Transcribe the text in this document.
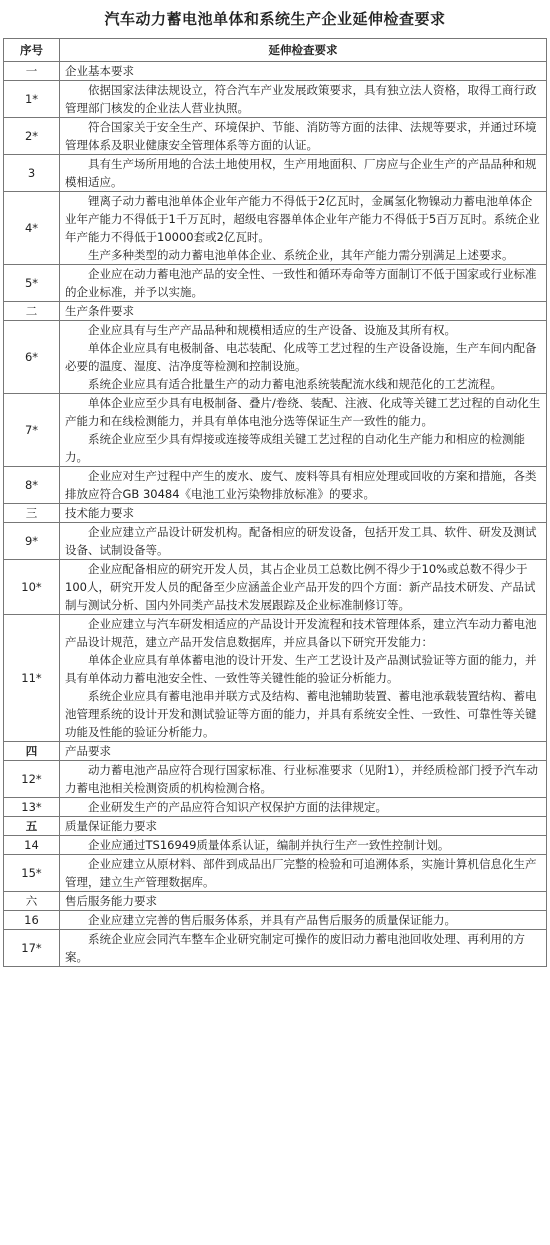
汽车动力蓄电池单体和系统生产企业延伸检查要求
序号	延伸检查要求
一	企业基本要求
1*	依据国家法律法规设立，符合汽车产业发展政策要求，具有独立法人资格，取得工商行政管理部门核发的企业法人营业执照。

2*	符合国家关于安全生产、环境保护、节能、消防等方面的法律、法规等要求，并通过环境管理体系及职业健康安全管理体系等方面的认证。

3	具有生产场所用地的合法土地使用权，生产用地面积、厂房应与企业生产的产品品种和规模相适应。

4*	锂离子动力蓄电池单体企业年产能力不得低于2亿瓦时，金属氢化物镍动力蓄电池单体企业年产能力不得低于1千万瓦时，超级电容器单体企业年产能力不得低于5百万瓦时。系统企业年产能力不得低于10000套或2亿瓦时。

生产多种类型的动力蓄电池单体企业、系统企业，其年产能力需分别满足上述要求。

5*	企业应在动力蓄电池产品的安全性、一致性和循环寿命等方面制订不低于国家或行业标准的企业标准，并予以实施。

二	生产条件要求
6*	企业应具有与生产产品品种和规模相适应的生产设备、设施及其所有权。

单体企业应具有电极制备、电芯装配、化成等工艺过程的生产设备设施，生产车间内配备必要的温度、湿度、洁净度等检测和控制设施。

系统企业应具有适合批量生产的动力蓄电池系统装配流水线和规范化的工艺流程。

7*	单体企业应至少具有电极制备、叠片/卷绕、装配、注液、化成等关键工艺过程的自动化生产能力和在线检测能力，并具有单体电池分选等保证生产一致性的能力。

系统企业应至少具有焊接或连接等成组关键工艺过程的自动化生产能力和相应的检测能力。

8*	企业应对生产过程中产生的废水、废气、废料等具有相应处理或回收的方案和措施，各类排放应符合GB 30484《电池工业污染物排放标准》的要求。

三	技术能力要求
9*	企业应建立产品设计研发机构。配备相应的研发设备，包括开发工具、软件、研发及测试设备、试制设备等。

10*	企业应配备相应的研究开发人员，其占企业员工总数比例不得少于10%或总数不得少于100人，研究开发人员的配备至少应涵盖企业产品开发的四个方面：新产品技术研发、产品试制与测试分析、国内外同类产品技术发展跟踪及企业标准制修订等。

11*	企业应建立与汽车研发相适应的产品设计开发流程和技术管理体系，建立汽车动力蓄电池产品设计规范，建立产品开发信息数据库，并应具备以下研究开发能力：

单体企业应具有单体蓄电池的设计开发、生产工艺设计及产品测试验证等方面的能力，并具有单体动力蓄电池安全性、一致性等关键性能的验证分析能力。

系统企业应具有蓄电池串并联方式及结构、蓄电池辅助装置、蓄电池承载装置结构、蓄电池管理系统的设计开发和测试验证等方面的能力，并具有系统安全性、一致性、可靠性等关键功能及性能的验证分析能力。

四	产品要求
12*	动力蓄电池产品应符合现行国家标准、行业标准要求（见附1），并经质检部门授予汽车动力蓄电池相关检测资质的机构检测合格。

13*	企业研发生产的产品应符合知识产权保护方面的法律规定。

五	质量保证能力要求
14	企业应通过TS16949质量体系认证，编制并执行生产一致性控制计划。

15*	企业应建立从原材料、部件到成品出厂完整的检验和可追溯体系，实施计算机信息化生产管理，建立生产管理数据库。

六	售后服务能力要求
16	企业应建立完善的售后服务体系，并具有产品售后服务的质量保证能力。

17*	系统企业应会同汽车整车企业研究制定可操作的废旧动力蓄电池回收处理、再利用的方案。
